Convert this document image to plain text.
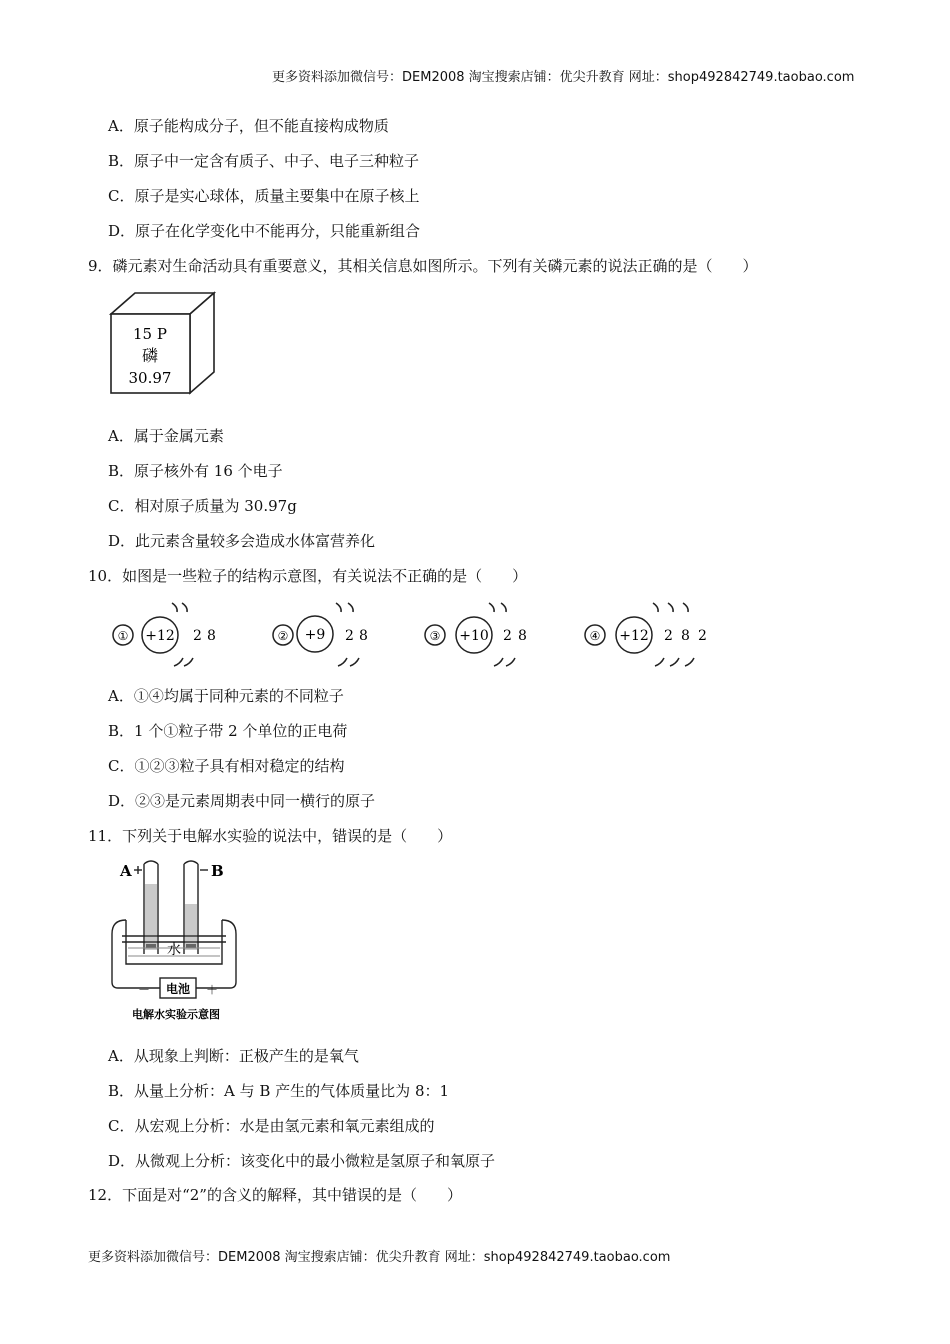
更多资料添加微信号：DEM2008 淘宝搜索店铺：优尖升教育 网址：shop492842749.taobao.com
A．原子能构成分子，但不能直接构成物质
B．原子中一定含有质子、中子、电子三种粒子
C．原子是实心球体，质量主要集中在原子核上
D．原子在化学变化中不能再分，只能重新组合
9．磷元素对生命活动具有重要意义，其相关信息如图所示。下列有关磷元素的说法正确的是（　　）
15 P
磷
30.97
A．属于金属元素
B．原子核外有 16 个电子
C．相对原子质量为 30.97g
D．此元素含量较多会造成水体富营养化
10．如图是一些粒子的结构示意图，有关说法不正确的是（　　）
① +12 2 8	② +9 2 8	③ +10 2 8	④ +12 2 8 2
A．①④均属于同种元素的不同粒子
B．1 个①粒子带 2 个单位的正电荷
C．①②③粒子具有相对稳定的结构
D．②③是元素周期表中同一横行的原子
11．下列关于电解水实验的说法中，错误的是（　　）
A	B
水
－	＋
电池
电解水实验示意图
A．从现象上判断：正极产生的是氧气
B．从量上分析：A 与 B 产生的气体质量比为 8：1
C．从宏观上分析：水是由氢元素和氧元素组成的
D．从微观上分析：该变化中的最小微粒是氢原子和氧原子
12．下面是对“2”的含义的解释，其中错误的是（　　）
更多资料添加微信号：DEM2008 淘宝搜索店铺：优尖升教育 网址：shop492842749.taobao.com
